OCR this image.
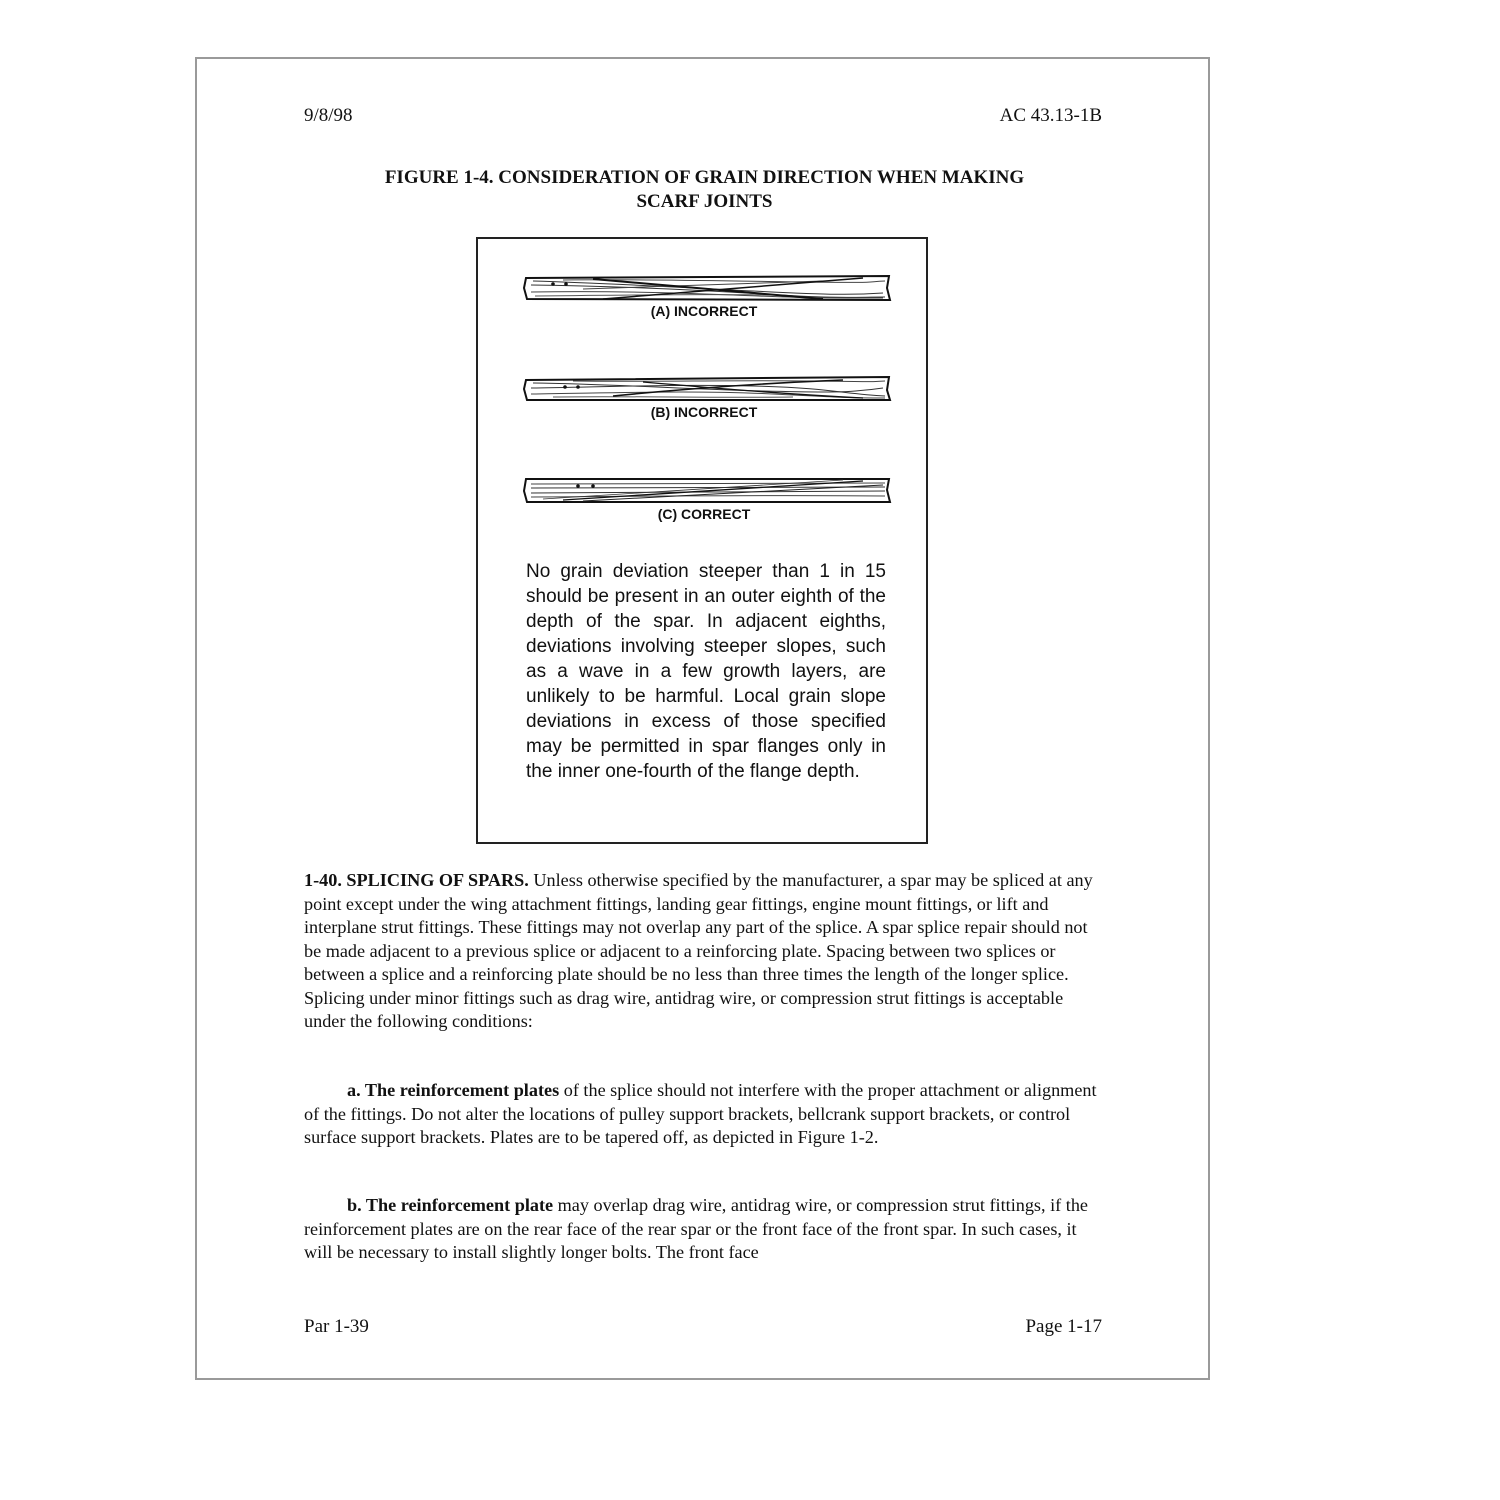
9/8/98	AC 43.13-1B
FIGURE 1-4. CONSIDERATION OF GRAIN DIRECTION WHEN MAKING
SCARF JOINTS
(A) INCORRECT
(B) INCORRECT
(C) CORRECT
No grain deviation steeper than 1 in 15 should be present in an outer eighth of the depth of the spar. In adjacent eighths, deviations involving steeper slopes, such as a wave in a few growth layers, are unlikely to be harmful. Local grain slope deviations in excess of those specified may be permitted in spar flanges only in the inner one-fourth of the flange depth.

1-40. SPLICING OF SPARS. Unless otherwise specified by the manufacturer, a spar may be spliced at any point except under the wing attachment fittings, landing gear fittings, engine mount fittings, or lift and interplane strut fittings. These fittings may not overlap any part of the splice. A spar splice repair should not be made adjacent to a previous splice or adjacent to a reinforcing plate. Spacing between two splices or between a splice and a reinforcing plate should be no less than three times the length of the longer splice. Splicing under minor fittings such as drag wire, antidrag wire, or compression strut fittings is acceptable under the following conditions:

a. The reinforcement plates of the splice should not interfere with the proper attachment or alignment of the fittings. Do not alter the locations of pulley support brackets, bellcrank support brackets, or control surface support brackets. Plates are to be tapered off, as depicted in Figure 1-2.

b. The reinforcement plate may overlap drag wire, antidrag wire, or compression strut fittings, if the reinforcement plates are on the rear face of the rear spar or the front face of the front spar. In such cases, it will be necessary to install slightly longer bolts. The front face

Par 1-39	Page 1-17
